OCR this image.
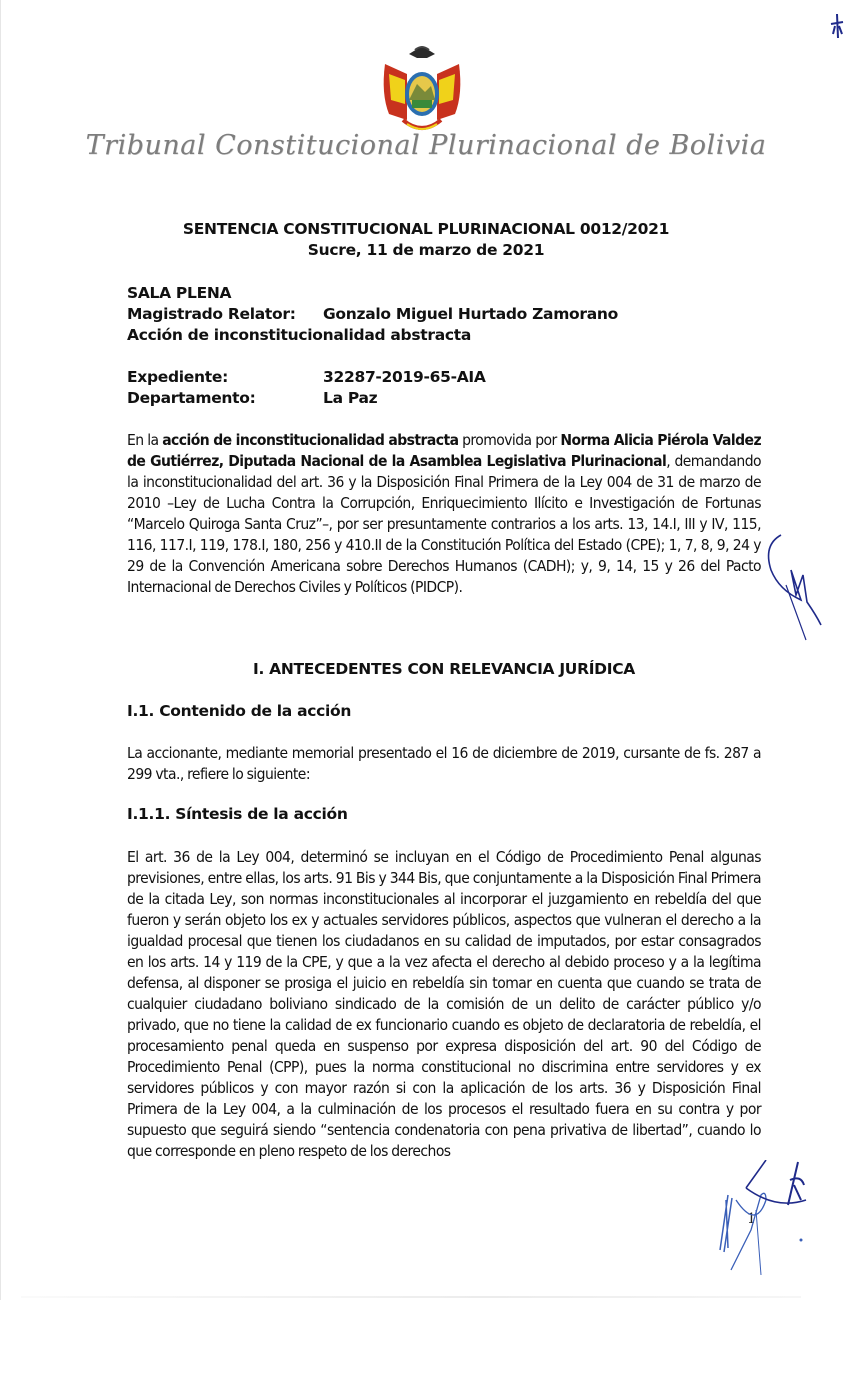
Tribunal Constitucional Plurinacional de Bolivia
SENTENCIA CONSTITUCIONAL PLURINACIONAL 0012/2021
Sucre, 11 de marzo de 2021
SALA PLENA
Magistrado Relator:	Gonzalo Miguel Hurtado Zamorano
Acción de inconstitucionalidad abstracta
Expediente:	32287-2019-65-AIA
Departamento:	La Paz
En la acción de inconstitucionalidad abstracta promovida por Norma Alicia Piérola Valdez de Gutiérrez, Diputada Nacional de la Asamblea Legislativa Plurinacional, demandando la inconstitucionalidad del art. 36 y la Disposición Final Primera de la Ley 004 de 31 de marzo de 2010 –Ley de Lucha Contra la Corrupción, Enriquecimiento Ilícito e Investigación de Fortunas “Marcelo Quiroga Santa Cruz”–, por ser presuntamente contrarios a los arts. 13, 14.I, III y IV, 115, 116, 117.I, 119, 178.I, 180, 256 y 410.II de la Constitución Política del Estado (CPE); 1, 7, 8, 9, 24 y 29 de la Convención Americana sobre Derechos Humanos (CADH); y, 9, 14, 15 y 26 del Pacto Internacional de Derechos Civiles y Políticos (PIDCP).
I. ANTECEDENTES CON RELEVANCIA JURÍDICA
I.1. Contenido de la acción
La accionante, mediante memorial presentado el 16 de diciembre de 2019, cursante de fs. 287 a 299 vta., refiere lo siguiente:
I.1.1. Síntesis de la acción
El art. 36 de la Ley 004, determinó se incluyan en el Código de Procedimiento Penal algunas previsiones, entre ellas, los arts. 91 Bis y 344 Bis, que conjuntamente a la Disposición Final Primera de la citada Ley, son normas inconstitucionales al incorporar el juzgamiento en rebeldía del que fueron y serán objeto los ex y actuales servidores públicos, aspectos que vulneran el derecho a la igualdad procesal que tienen los ciudadanos en su calidad de imputados, por estar consagrados en los arts. 14 y 119 de la CPE, y que a la vez afecta el derecho al debido proceso y a la legítima defensa, al disponer se prosiga el juicio en rebeldía sin tomar en cuenta que cuando se trata de cualquier ciudadano boliviano sindicado de la comisión de un delito de carácter público y/o privado, que no tiene la calidad de ex funcionario cuando es objeto de declaratoria de rebeldía, el procesamiento penal queda en suspenso por expresa disposición del art. 90 del Código de Procedimiento Penal (CPP), pues la norma constitucional no discrimina entre servidores y ex servidores públicos y con mayor razón si con la aplicación de los arts. 36 y Disposición Final Primera de la Ley 004, a la culminación de los procesos el resultado fuera en su contra y por supuesto que seguirá siendo “sentencia condenatoria con pena privativa de libertad”, cuando lo que corresponde en pleno respeto de los derechos
1
